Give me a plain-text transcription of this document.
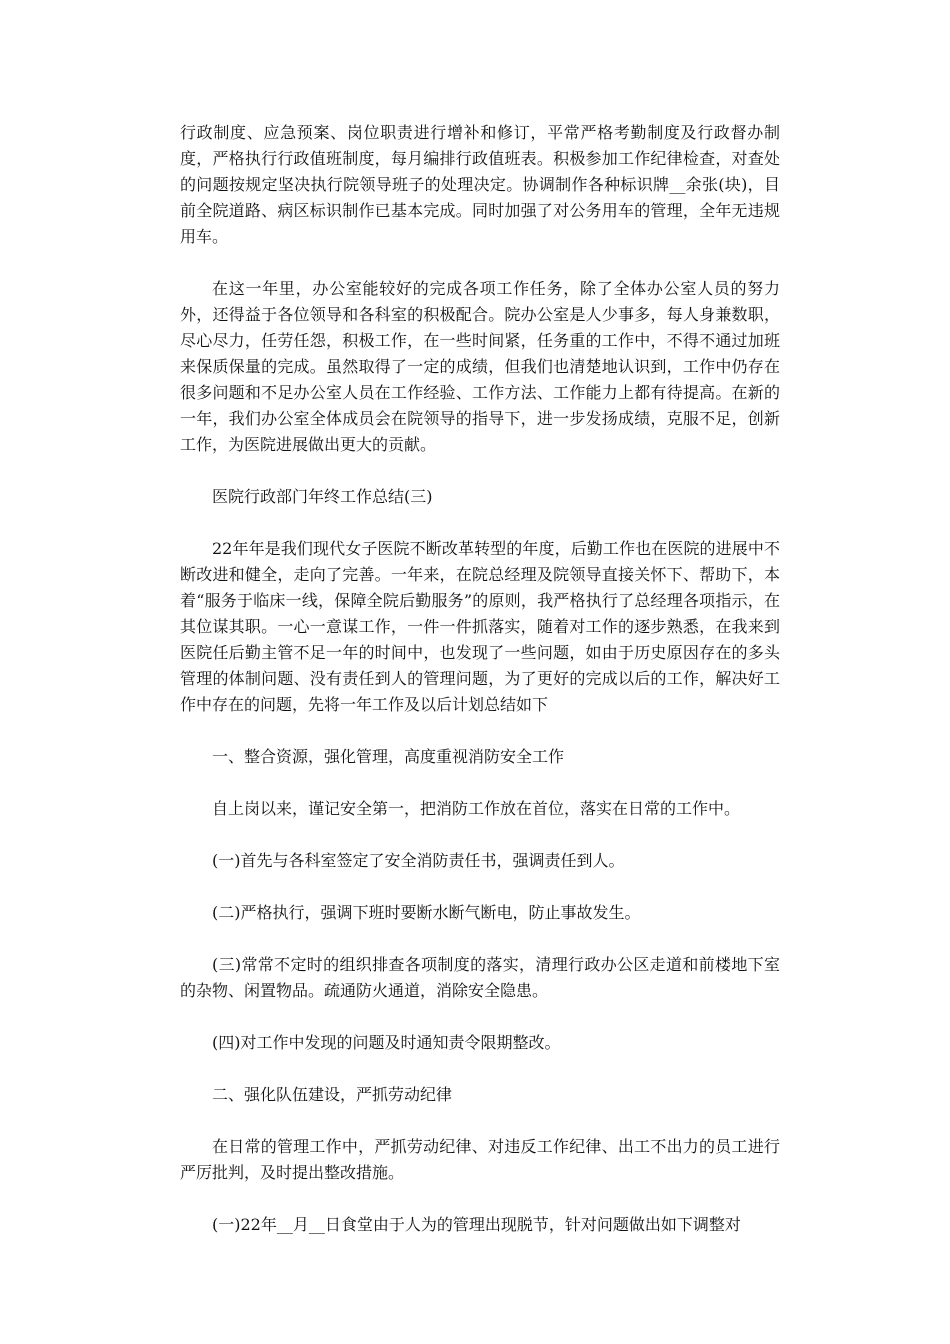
行政制度、应急预案、岗位职责进行增补和修订，平常严格考勤制度及行政督办制度，严格执行行政值班制度，每月编排行政值班表。积极参加工作纪律检查，对查处的问题按规定坚决执行院领导班子的处理决定。协调制作各种标识牌__余张(块)，目前全院道路、病区标识制作已基本完成。同时加强了对公务用车的管理，全年无违规用车。

在这一年里，办公室能较好的完成各项工作任务，除了全体办公室人员的努力外，还得益于各位领导和各科室的积极配合。院办公室是人少事多，每人身兼数职，尽心尽力，任劳任怨，积极工作，在一些时间紧，任务重的工作中，不得不通过加班来保质保量的完成。虽然取得了一定的成绩，但我们也清楚地认识到，工作中仍存在很多问题和不足办公室人员在工作经验、工作方法、工作能力上都有待提高。在新的一年，我们办公室全体成员会在院领导的指导下，进一步发扬成绩，克服不足，创新工作，为医院进展做出更大的贡献。

医院行政部门年终工作总结(三)

22年年是我们现代女子医院不断改革转型的年度，后勤工作也在医院的进展中不断改进和健全，走向了完善。一年来，在院总经理及院领导直接关怀下、帮助下，本着“服务于临床一线，保障全院后勤服务”的原则，我严格执行了总经理各项指示，在其位谋其职。一心一意谋工作，一件一件抓落实，随着对工作的逐步熟悉，在我来到医院任后勤主管不足一年的时间中，也发现了一些问题，如由于历史原因存在的多头管理的体制问题、没有责任到人的管理问题，为了更好的完成以后的工作，解决好工作中存在的问题，先将一年工作及以后计划总结如下

一、整合资源，强化管理，高度重视消防安全工作

自上岗以来，谨记安全第一，把消防工作放在首位，落实在日常的工作中。

(一)首先与各科室签定了安全消防责任书，强调责任到人。

(二)严格执行，强调下班时要断水断气断电，防止事故发生。

(三)常常不定时的组织排查各项制度的落实，清理行政办公区走道和前楼地下室的杂物、闲置物品。疏通防火通道，消除安全隐患。

(四)对工作中发现的问题及时通知责令限期整改。

二、强化队伍建设，严抓劳动纪律

在日常的管理工作中，严抓劳动纪律、对违反工作纪律、出工不出力的员工进行严厉批判，及时提出整改措施。

(一)22年__月__日食堂由于人为的管理出现脱节，针对问题做出如下调整对
